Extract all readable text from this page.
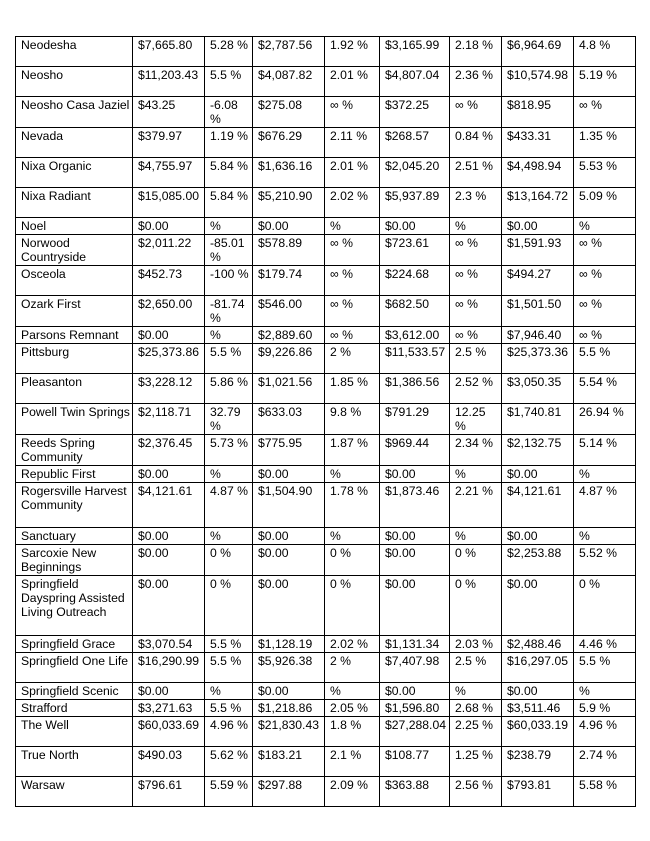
Neodesha	$7,665.80	5.28 %	$2,787.56	1.92 %	$3,165.99	2.18 %	$6,964.69	4.8 %
Neosho	$11,203.43	5.5 %	$4,087.82	2.01 %	$4,807.04	2.36 %	$10,574.98	5.19 %
Neosho Casa Jaziel	$43.25	-6.08 %	$275.08	∞ %	$372.25	∞ %	$818.95	∞ %
Nevada	$379.97	1.19 %	$676.29	2.11 %	$268.57	0.84 %	$433.31	1.35 %
Nixa Organic	$4,755.97	5.84 %	$1,636.16	2.01 %	$2,045.20	2.51 %	$4,498.94	5.53 %
Nixa Radiant	$15,085.00	5.84 %	$5,210.90	2.02 %	$5,937.89	2.3 %	$13,164.72	5.09 %
Noel	$0.00	%	$0.00	%	$0.00	%	$0.00	%
Norwood Countryside	$2,011.22	-85.01 %	$578.89	∞ %	$723.61	∞ %	$1,591.93	∞ %
Osceola	$452.73	-100 %	$179.74	∞ %	$224.68	∞ %	$494.27	∞ %
Ozark First	$2,650.00	-81.74 %	$546.00	∞ %	$682.50	∞ %	$1,501.50	∞ %
Parsons Remnant	$0.00	%	$2,889.60	∞ %	$3,612.00	∞ %	$7,946.40	∞ %
Pittsburg	$25,373.86	5.5 %	$9,226.86	2 %	$11,533.57	2.5 %	$25,373.36	5.5 %
Pleasanton	$3,228.12	5.86 %	$1,021.56	1.85 %	$1,386.56	2.52 %	$3,050.35	5.54 %
Powell Twin Springs	$2,118.71	32.79 %	$633.03	9.8 %	$791.29	12.25 %	$1,740.81	26.94 %
Reeds Spring Community	$2,376.45	5.73 %	$775.95	1.87 %	$969.44	2.34 %	$2,132.75	5.14 %
Republic First	$0.00	%	$0.00	%	$0.00	%	$0.00	%
Rogersville Harvest Community	$4,121.61	4.87 %	$1,504.90	1.78 %	$1,873.46	2.21 %	$4,121.61	4.87 %
Sanctuary	$0.00	%	$0.00	%	$0.00	%	$0.00	%
Sarcoxie New Beginnings	$0.00	0 %	$0.00	0 %	$0.00	0 %	$2,253.88	5.52 %
Springfield Dayspring Assisted Living Outreach	$0.00	0 %	$0.00	0 %	$0.00	0 %	$0.00	0 %
Springfield Grace	$3,070.54	5.5 %	$1,128.19	2.02 %	$1,131.34	2.03 %	$2,488.46	4.46 %
Springfield One Life	$16,290.99	5.5 %	$5,926.38	2 %	$7,407.98	2.5 %	$16,297.05	5.5 %
Springfield Scenic	$0.00	%	$0.00	%	$0.00	%	$0.00	%
Strafford	$3,271.63	5.5 %	$1,218.86	2.05 %	$1,596.80	2.68 %	$3,511.46	5.9 %
The Well	$60,033.69	4.96 %	$21,830.43	1.8 %	$27,288.04	2.25 %	$60,033.19	4.96 %
True North	$490.03	5.62 %	$183.21	2.1 %	$108.77	1.25 %	$238.79	2.74 %
Warsaw	$796.61	5.59 %	$297.88	2.09 %	$363.88	2.56 %	$793.81	5.58 %
